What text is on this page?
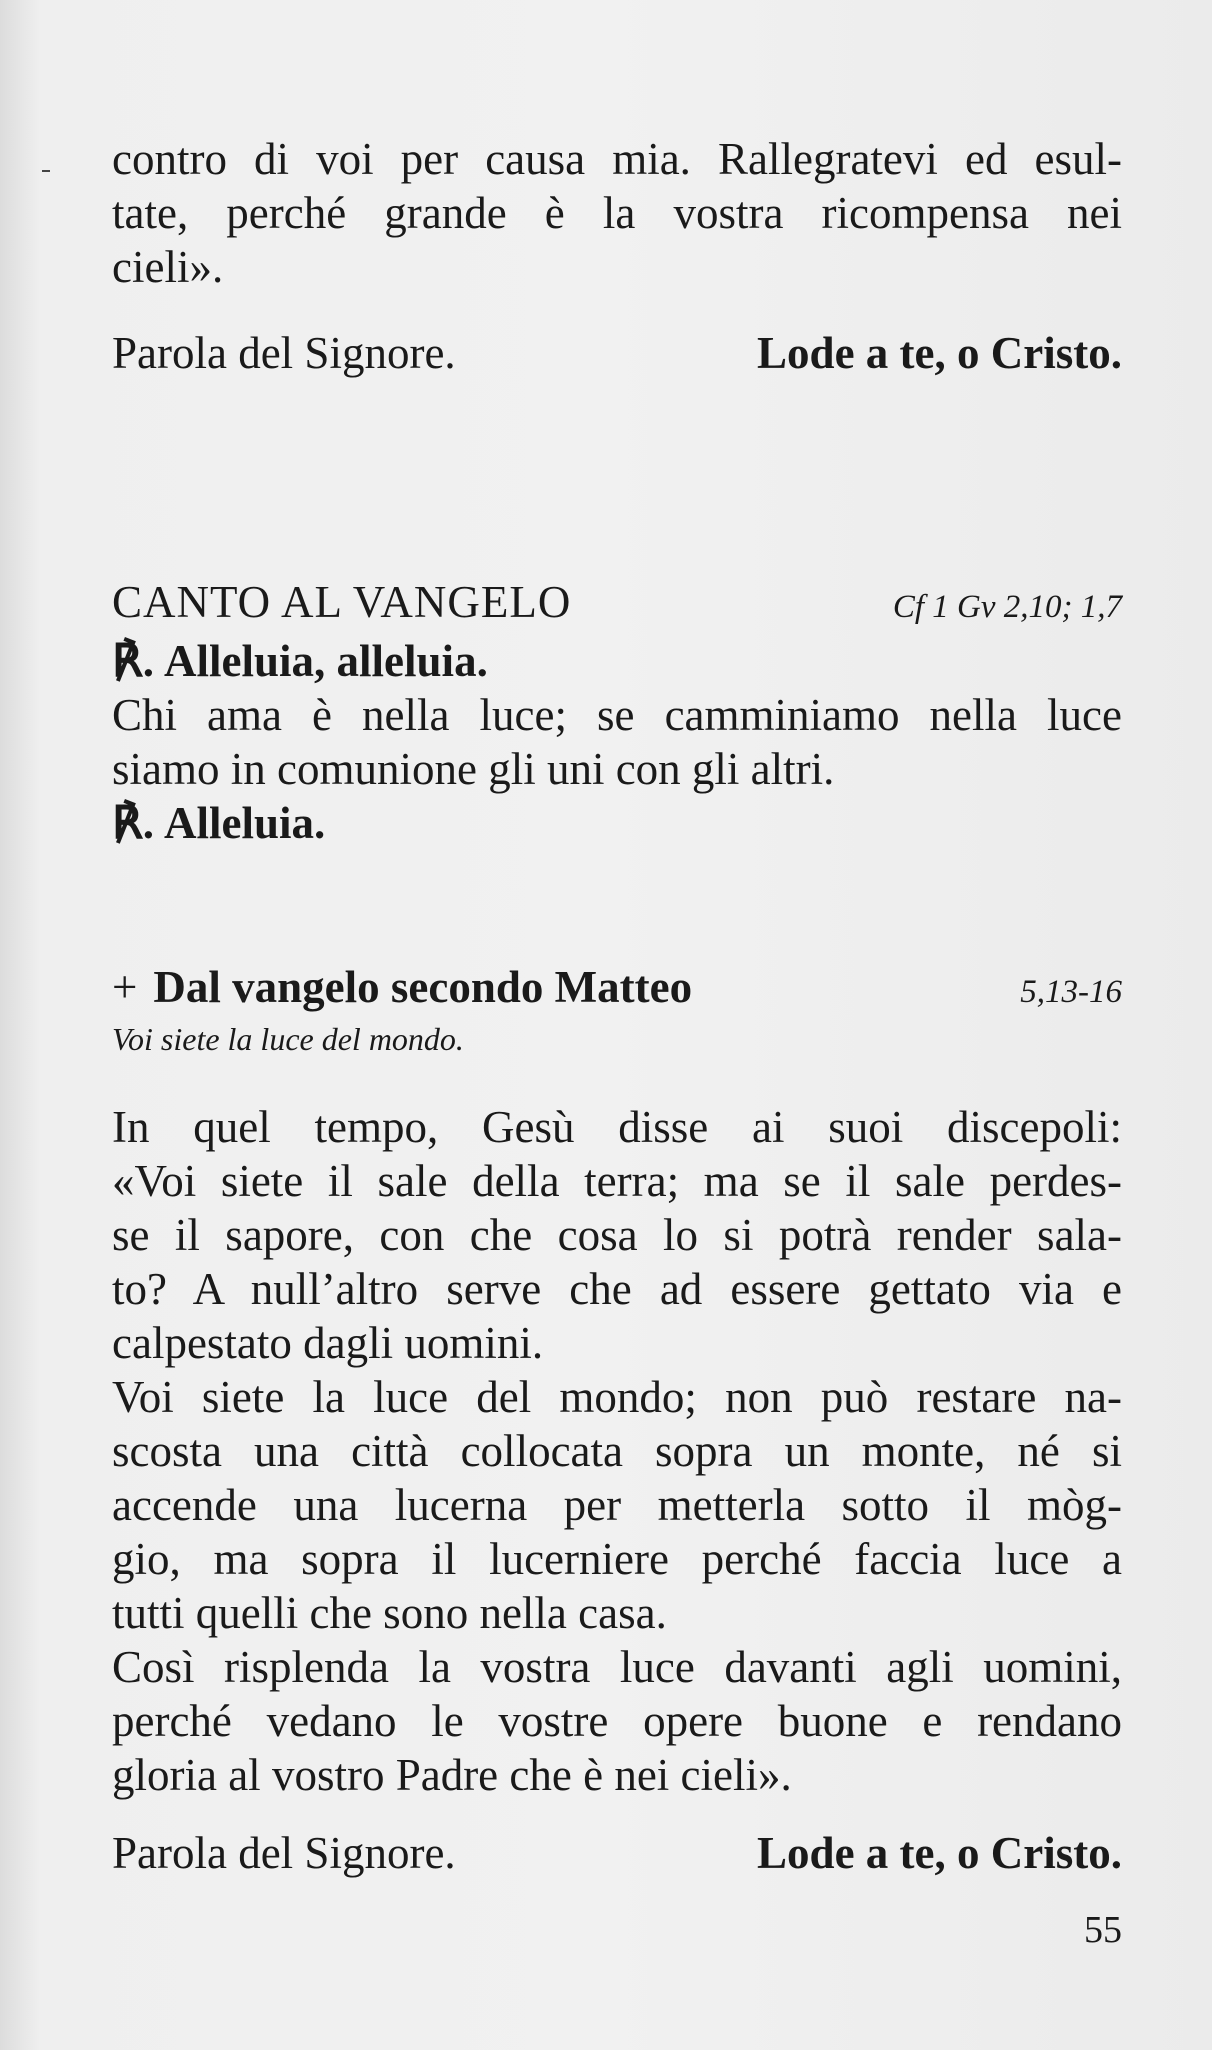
contro di voi per causa mia. Rallegratevi ed esul-
tate, perché grande è la vostra ricompensa nei
cieli».
Parola del Signore.	Lode a te, o Cristo.
CANTO AL VANGELO	Cf 1 Gv 2,10; 1,7
℟. Alleluia, alleluia.
Chi ama è nella luce; se camminiamo nella luce
siamo in comunione gli uni con gli altri.
℟. Alleluia.
+ Dal vangelo secondo Matteo	5,13-16
Voi siete la luce del mondo.
In quel tempo, Gesù disse ai suoi discepoli:
«Voi siete il sale della terra; ma se il sale perdes-
se il sapore, con che cosa lo si potrà render sala-
to? A null’altro serve che ad essere gettato via e
calpestato dagli uomini.
Voi siete la luce del mondo; non può restare na-
scosta una città collocata sopra un monte, né si
accende una lucerna per metterla sotto il mòg-
gio, ma sopra il lucerniere perché faccia luce a
tutti quelli che sono nella casa.
Così risplenda la vostra luce davanti agli uomini,
perché vedano le vostre opere buone e rendano
gloria al vostro Padre che è nei cieli».
Parola del Signore.	Lode a te, o Cristo.
55
